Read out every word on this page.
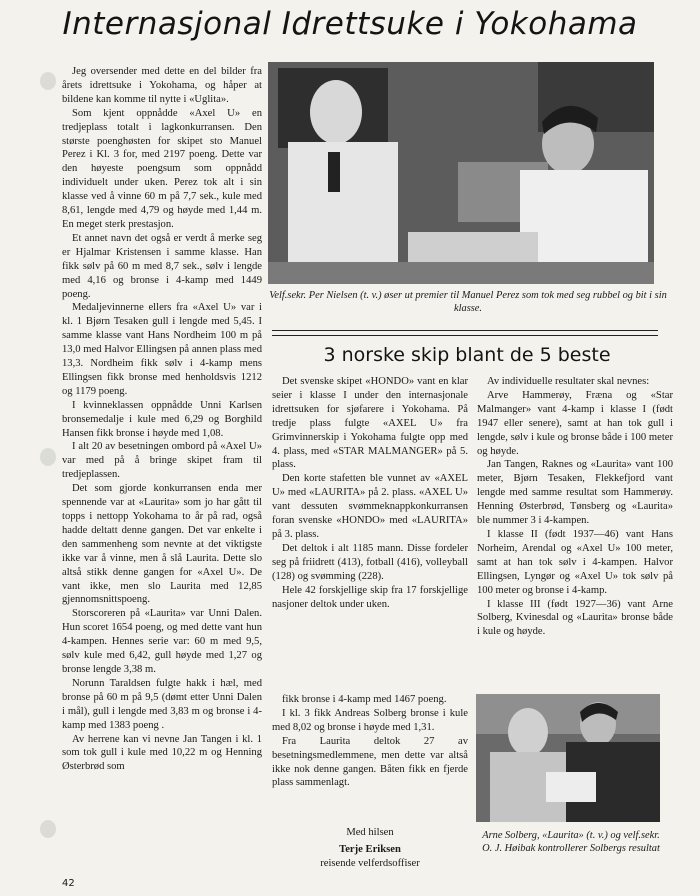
Internasjonal Idrettsuke i Yokohama

Jeg oversender med dette en del bilder fra årets idrettsuke i Yokohama, og håper at bildene kan komme til nytte i «Uglita».

Som kjent oppnådde «Axel U» en tredjeplass totalt i lagkonkurransen. Den største poenghøsten for skipet sto Manuel Perez i Kl. 3 for, med 2197 poeng. Dette var den høyeste poengsum som oppnådd individuelt under uken. Perez tok alt i sin klasse ved å vinne 60 m på 7,7 sek., kule med 8,61, lengde med 4,79 og høyde med 1,44 m. En meget sterk prestasjon.

Et annet navn det også er verdt å merke seg er Hjalmar Kristensen i samme klasse. Han fikk sølv på 60 m med 8,7 sek., sølv i lengde med 4,16 og bronse i 4-kamp med 1449 poeng.

Medaljevinnerne ellers fra «Axel U» var i kl. 1 Bjørn Tesaken gull i lengde med 5,45. I samme klasse vant Hans Nordheim 100 m på 13,0 med Halvor Ellingsen på annen plass med 13,3. Nordheim fikk sølv i 4-kamp mens Ellingsen fikk bronse med henholdsvis 1212 og 1179 poeng.

I kvinneklassen oppnådde Unni Karlsen bronsemedalje i kule med 6,29 og Borghild Hansen fikk bronse i høyde med 1,08.

I alt 20 av besetningen ombord på «Axel U» var med på å bringe skipet fram til tredjeplassen.

Det som gjorde konkurransen enda mer spennende var at «Laurita» som jo har gått til topps i nettopp Yokohama to år på rad, også hadde deltatt denne gangen. Det var enkelte i den sammenheng som nevnte at det viktigste ikke var å vinne, men å slå Laurita. Dette slo altså stikk denne gangen for «Axel U». De vant ikke, men slo Laurita med 12,85 gjennomsnittspoeng.

Storscoreren på «Laurita» var Unni Dalen. Hun scoret 1654 poeng, og med dette vant hun 4-kampen. Hennes serie var: 60 m med 9,5, sølv kule med 6,42, gull høyde med 1,27 og bronse lengde 3,38 m.

Norunn Taraldsen fulgte hakk i hæl, med bronse på 60 m på 9,5 (dømt etter Unni Dalen i mål), gull i lengde med 3,83 m og bronse i 4-kamp med 1383 poeng .

Av herrene kan vi nevne Jan Tangen i kl. 1 som tok gull i kule med 10,22 m og Henning Østerbrød som

Velf.sekr. Per Nielsen (t. v.) øser ut premier til Manuel Perez som tok med seg rubbel og bit i sin klasse.
3 norske skip blant de 5 beste

Det svenske skipet «HONDO» vant en klar seier i klasse I under den internasjonale idrettsuken for sjøfarere i Yokohama. På tredje plass fulgte «AXEL U» fra Grimvinnerskip i Yokohama fulgte opp med 4. plass, med «STAR MALMANGER» på 5. plass.

Den korte stafetten ble vunnet av «AXEL U» med «LAURITA» på 2. plass. «AXEL U» vant dessuten svømmeknappkonkurransen foran svenske «HONDO» med «LAURITA» på 3. plass.

Det deltok i alt 1185 mann. Disse fordeler seg på friidrett (413), fotball (416), volleyball (128) og svømming (228).

Hele 42 forskjellige skip fra 17 forskjellige nasjoner deltok under uken.

Av individuelle resultater skal nevnes:

Arve Hammerøy, Fræna og «Star Malmanger» vant 4-kamp i klasse I (født 1947 eller senere), samt at han tok gull i lengde, sølv i kule og bronse både i 100 meter og høyde.

Jan Tangen, Raknes og «Laurita» vant 100 meter, Bjørn Tesaken, Flekkefjord vant lengde med samme resultat som Hammerøy. Henning Østerbrød, Tønsberg og «Laurita» ble nummer 3 i 4-kampen.

I klasse II (født 1937—46) vant Hans Norheim, Arendal og «Axel U» 100 meter, samt at han tok sølv i 4-kampen. Halvor Ellingsen, Lyngør og «Axel U» tok sølv på 100 meter og bronse i 4-kamp.

I klasse III (født 1927—36) vant Arne Solberg, Kvinesdal og «Laurita» bronse både i kule og høyde.

fikk bronse i 4-kamp med 1467 poeng.

I kl. 3 fikk Andreas Solberg bronse i kule med 8,02 og bronse i høyde med 1,31.

Fra Laurita deltok 27 av besetningsmedlemmene, men dette var altså ikke nok denne gangen. Båten fikk en fjerde plass sammenlagt.

Med hilsen
Terje Eriksen
reisende velferdsoffiser
Arne Solberg, «Laurita» (t. v.) og velf.sekr. O. J. Høibak kontrollerer Solbergs resultat
42
